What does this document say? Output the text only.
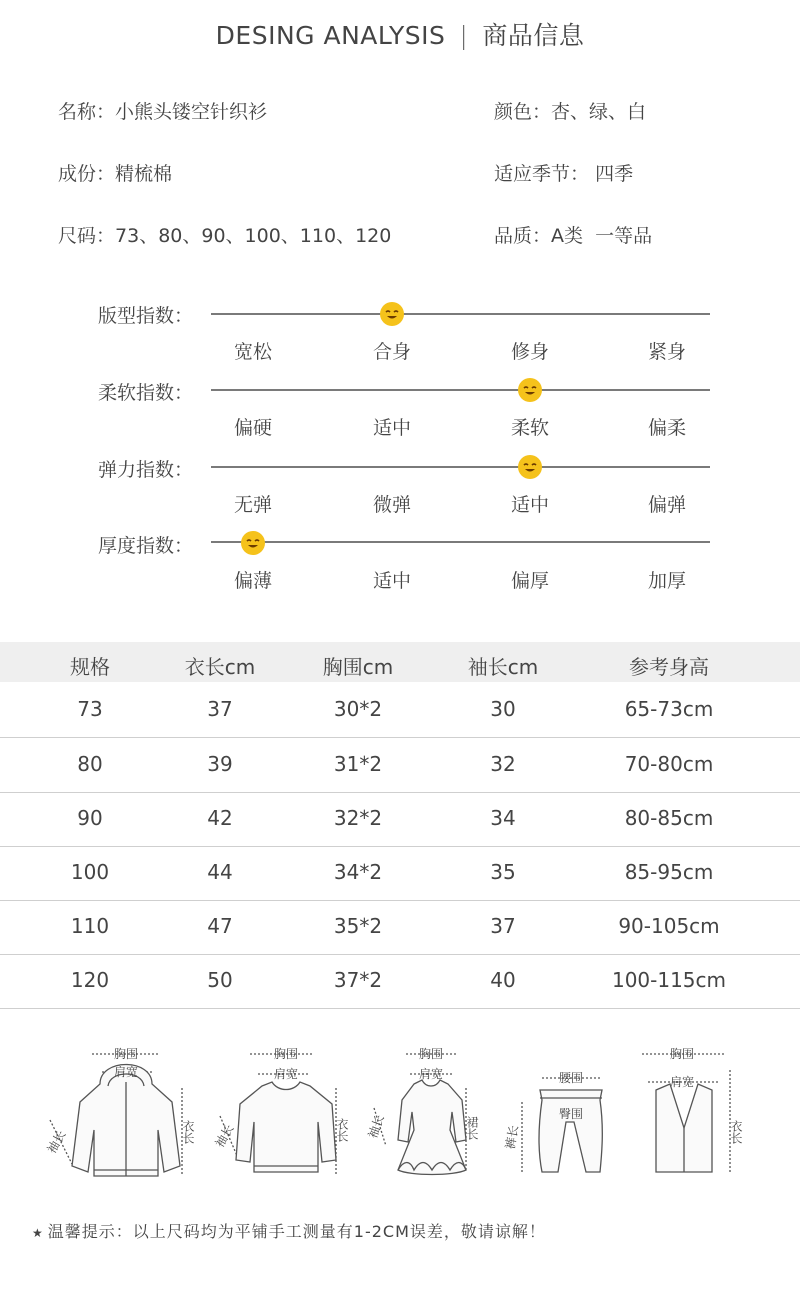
DESING ANALYSIS | 商品信息
名称：小熊头镂空针织衫	颜色：杏、绿、白
成份：精梳棉	适应季节： 四季
尺码：73、80、90、100、110、120	品质：A类  一等品
版型指数：
宽松	合身	修身	紧身
柔软指数：
偏硬	适中	柔软	偏柔
弹力指数：
无弹	微弹	适中	偏弹
厚度指数：
偏薄	适中	偏厚	加厚
规格	衣长cm	胸围cm	袖长cm	参考身高
73	37	30*2	30	65-73cm
80	39	31*2	32	70-80cm
90	42	32*2	34	80-85cm
100	44	34*2	35	85-95cm
110	47	35*2	37	90-105cm
120	50	37*2	40	100-115cm
胸围
肩宽
袖长	衣长
胸围
肩宽
袖长	衣长
胸围
肩宽
袖长	裙长
腰围
臀围
裤长
胸围
肩宽
衣长
★ 温馨提示：以上尺码均为平铺手工测量有1-2CM误差，敬请谅解！
